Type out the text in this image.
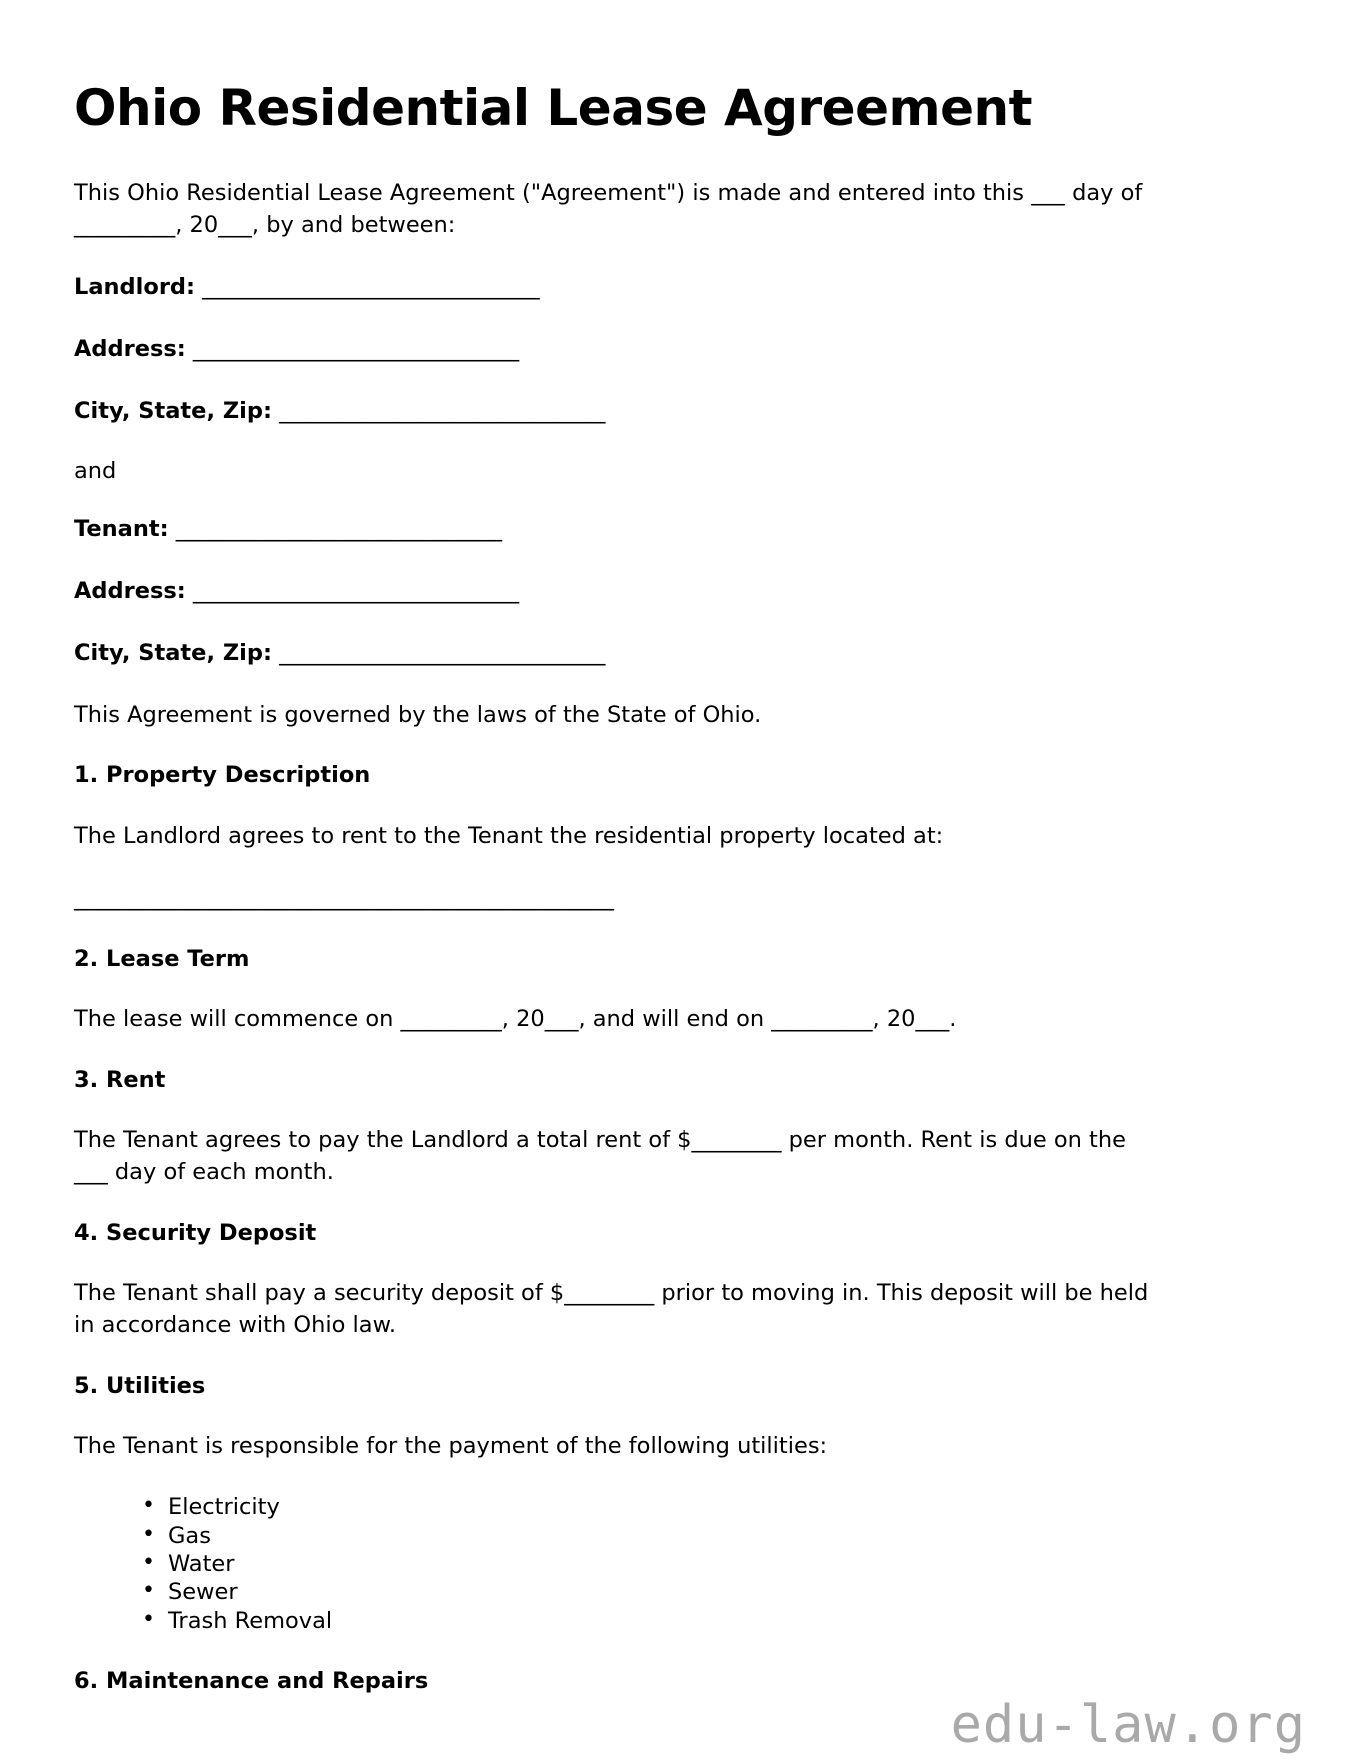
Ohio Residential Lease Agreement

This Ohio Residential Lease Agreement ("Agreement") is made and entered into this ___ day of _________, 20___, by and between:

Landlord: ______________________________

Address: _____________________________

City, State, Zip: _____________________________

and

Tenant: _____________________________

Address: _____________________________

City, State, Zip: _____________________________

This Agreement is governed by the laws of the State of Ohio.

1. Property Description

The Landlord agrees to rent to the Tenant the residential property located at:

________________________________________________

2. Lease Term

The lease will commence on _________, 20___, and will end on _________, 20___.

3. Rent

The Tenant agrees to pay the Landlord a total rent of $________ per month. Rent is due on the ___ day of each month.

4. Security Deposit

The Tenant shall pay a security deposit of $________ prior to moving in. This deposit will be held in accordance with Ohio law.

5. Utilities

The Tenant is responsible for the payment of the following utilities:

• Electricity
• Gas
• Water
• Sewer
• Trash Removal
6. Maintenance and Repairs
edu-law.org
